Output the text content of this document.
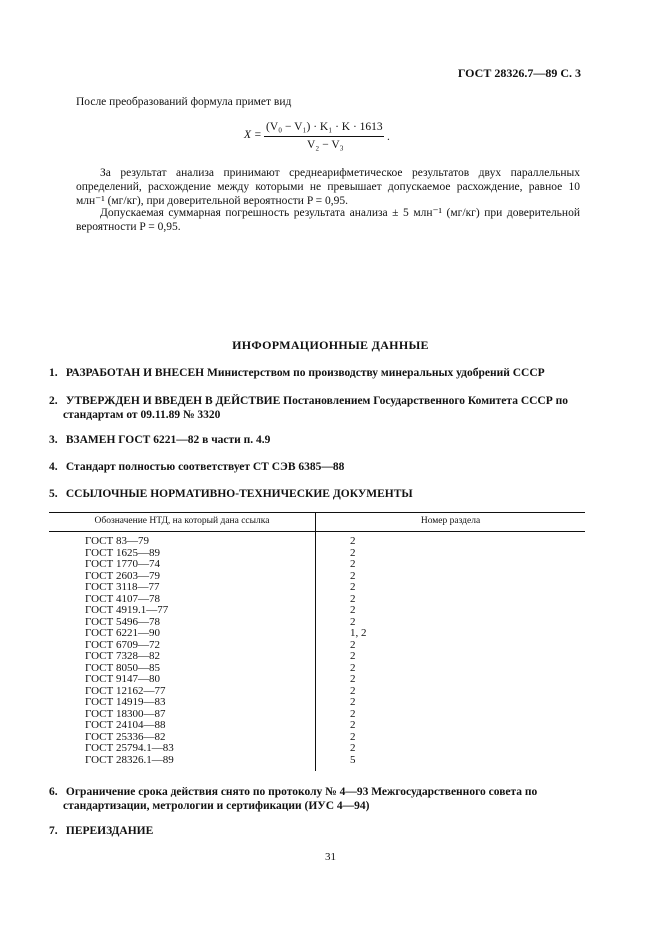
ГОСТ 28326.7—89 С. 3
После преобразований формула примет вид
X =
(V₀ − V₁) · K₁ · K · 1613
V₂ − V₃
.

За результат анализа принимают среднеарифметическое результатов двух параллельных определений, расхождение между которыми не превышает допускаемое расхождение, равное 10 млн⁻¹ (мг/кг), при доверительной вероятности P = 0,95.

Допускаемая суммарная погрешность результата анализа ± 5 млн⁻¹ (мг/кг) при доверительной вероятности P = 0,95.

ИНФОРМАЦИОННЫЕ ДАННЫЕ
1. РАЗРАБОТАН И ВНЕСЕН Министерством по производству минеральных удобрений СССР
2. УТВЕРЖДЕН И ВВЕДЕН В ДЕЙСТВИЕ Постановлением Государственного Комитета СССР по стандартам от 09.11.89 № 3320
3. ВЗАМЕН ГОСТ 6221—82 в части п. 4.9
4. Стандарт полностью соответствует СТ СЭВ 6385—88
5. ССЫЛОЧНЫЕ НОРМАТИВНО-ТЕХНИЧЕСКИЕ ДОКУМЕНТЫ
Обозначение НТД, на который дана ссылка	Номер раздела
ГОСТ 83—79	2
ГОСТ 1625—89	2
ГОСТ 1770—74	2
ГОСТ 2603—79	2
ГОСТ 3118—77	2
ГОСТ 4107—78	2
ГОСТ 4919.1—77	2
ГОСТ 5496—78	2
ГОСТ 6221—90	1, 2
ГОСТ 6709—72	2
ГОСТ 7328—82	2
ГОСТ 8050—85	2
ГОСТ 9147—80	2
ГОСТ 12162—77	2
ГОСТ 14919—83	2
ГОСТ 18300—87	2
ГОСТ 24104—88	2
ГОСТ 25336—82	2
ГОСТ 25794.1—83	2
ГОСТ 28326.1—89	5
6. Ограничение срока действия снято по протоколу № 4—93 Межгосударственного совета по стандартизации, метрологии и сертификации (ИУС 4—94)
7. ПЕРЕИЗДАНИЕ
31
